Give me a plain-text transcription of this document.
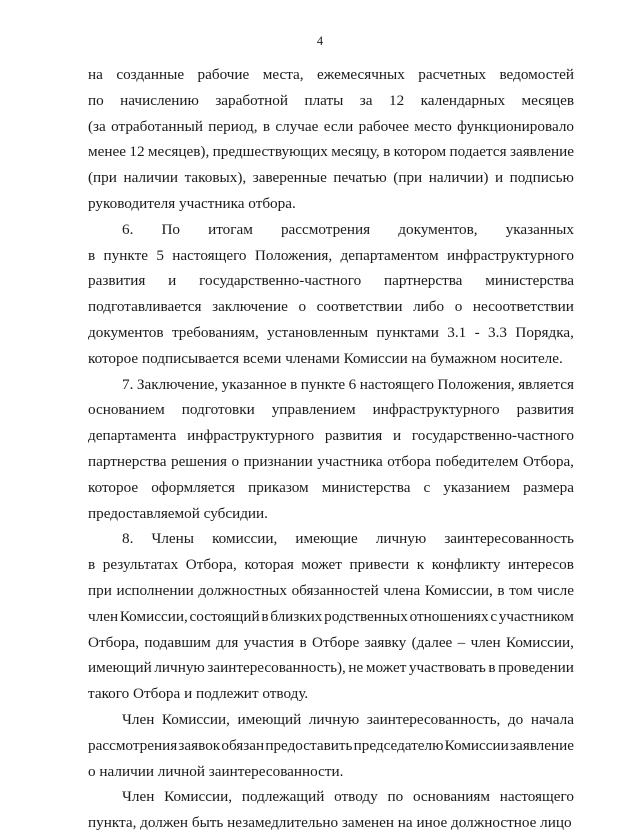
4
на созданные рабочие места, ежемесячных расчетных ведомостей
по начислению заработной платы за 12 календарных месяцев
(за отработанный период, в случае если рабочее место функционировало
менее 12 месяцев), предшествующих месяцу, в котором подается заявление
(при наличии таковых), заверенные печатью (при наличии) и подписью
руководителя участника отбора.
6. По итогам рассмотрения документов, указанных
в пункте 5 настоящего Положения, департаментом инфраструктурного
развития и государственно-частного партнерства министерства
подготавливается заключение о соответствии либо о несоответствии
документов требованиям, установленным пунктами 3.1 - 3.3 Порядка,
которое подписывается всеми членами Комиссии на бумажном носителе.
7. Заключение, указанное в пункте 6 настоящего Положения, является
основанием подготовки управлением инфраструктурного развития
департамента инфраструктурного развития и государственно-частного
партнерства решения о признании участника отбора победителем Отбора,
которое оформляется приказом министерства с указанием размера
предоставляемой субсидии.
8. Члены комиссии, имеющие личную заинтересованность
в результатах Отбора, которая может привести к конфликту интересов
при исполнении должностных обязанностей члена Комиссии, в том числе
член Комиссии, состоящий в близких родственных отношениях с участником
Отбора, подавшим для участия в Отборе заявку (далее – член Комиссии,
имеющий личную заинтересованность), не может участвовать в проведении
такого Отбора и подлежит отводу.
Член Комиссии, имеющий личную заинтересованность, до начала
рассмотрения заявок обязан предоставить председателю Комиссии заявление
о наличии личной заинтересованности.
Член Комиссии, подлежащий отводу по основаниям настоящего
пункта, должен быть незамедлительно заменен на иное должностное лицо
